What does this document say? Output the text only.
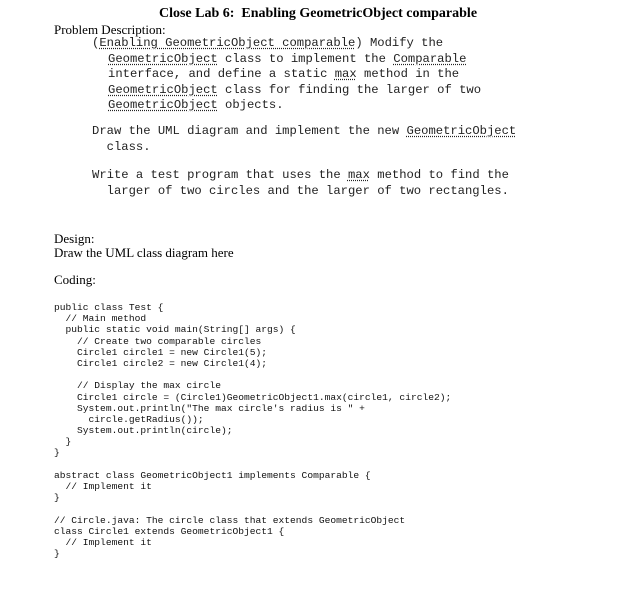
Close Lab 6:  Enabling GeometricObject comparable
Problem Description:
(Enabling GeometricObject comparable) Modify the
GeometricObject class to implement the Comparable
interface, and define a static max method in the
GeometricObject class for finding the larger of two
GeometricObject objects.
Draw the UML diagram and implement the new GeometricObject
class.
Write a test program that uses the max method to find the
larger of two circles and the larger of two rectangles.
Design:
Draw the UML class diagram here
Coding:
public class Test {
// Main method
public static void main(String[] args) {
// Create two comparable circles
Circle1 circle1 = new Circle1(5);
Circle1 circle2 = new Circle1(4);
// Display the max circle
Circle1 circle = (Circle1)GeometricObject1.max(circle1, circle2);
System.out.println("The max circle's radius is " +
circle.getRadius());
System.out.println(circle);
}
}
abstract class GeometricObject1 implements Comparable {
// Implement it
}
// Circle.java: The circle class that extends GeometricObject
class Circle1 extends GeometricObject1 {
// Implement it
}
